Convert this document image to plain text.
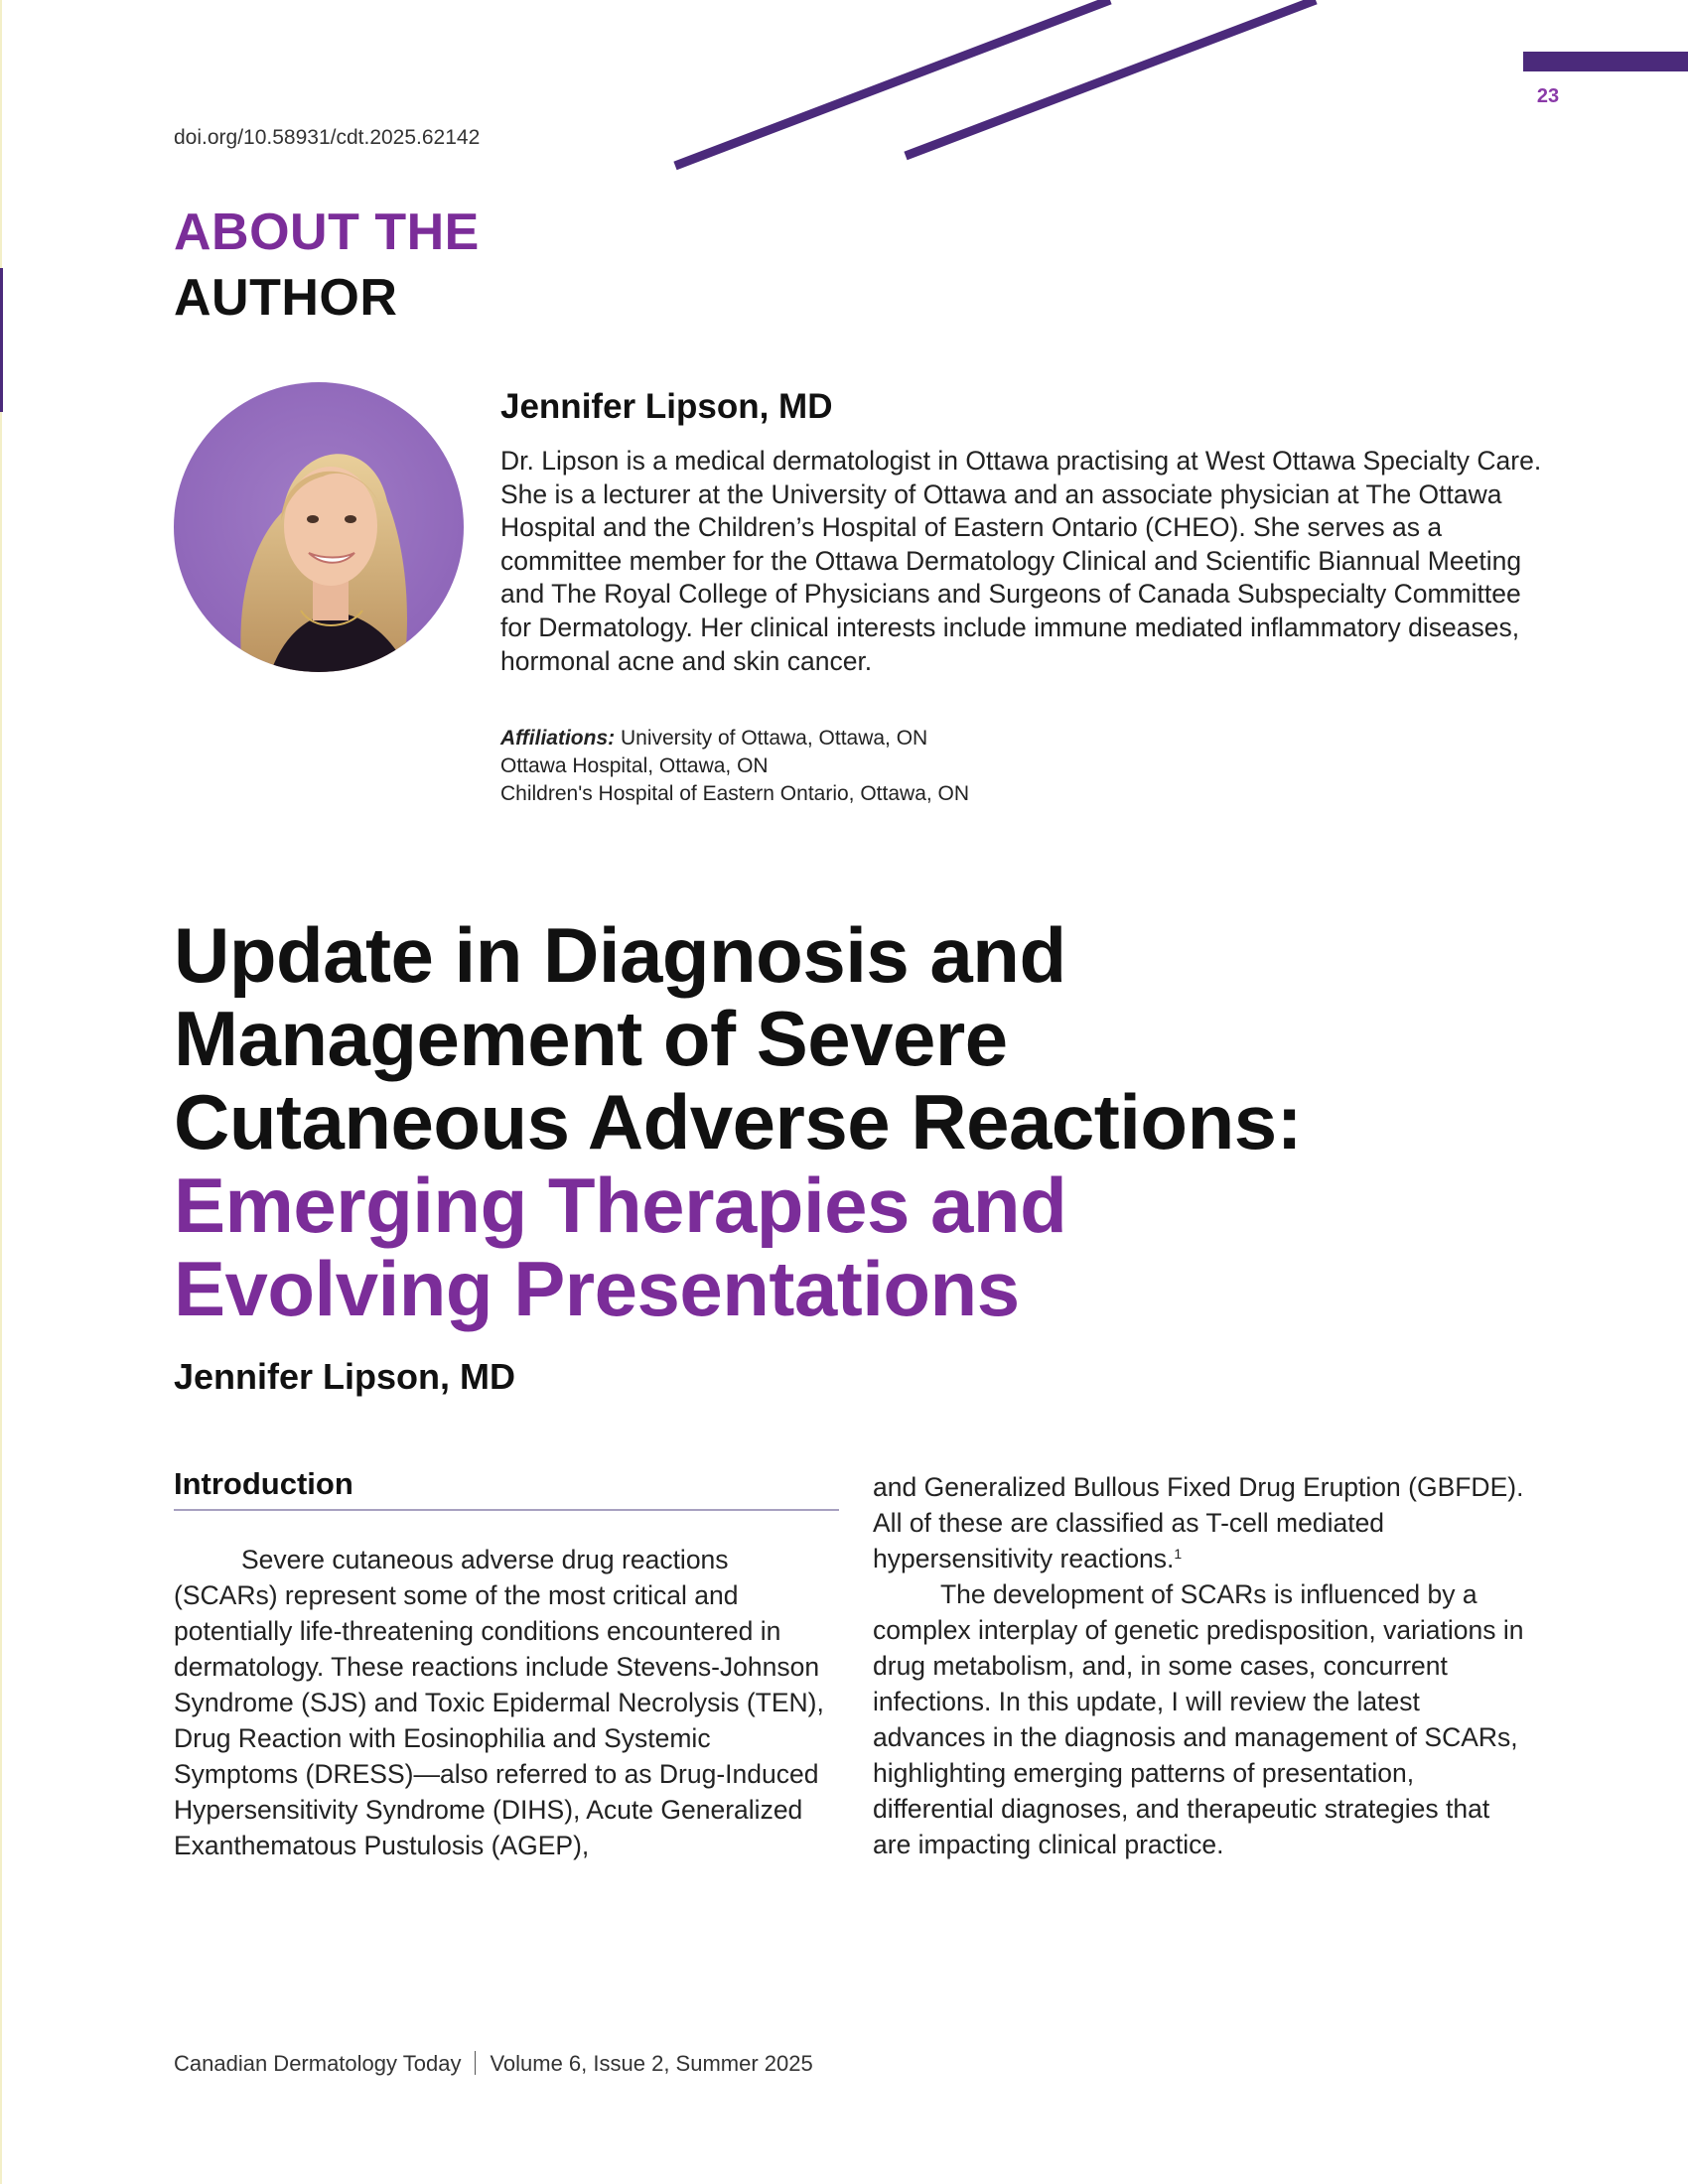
23
doi.org/10.58931/cdt.2025.62142
ABOUT THE
AUTHOR
Jennifer Lipson, MD
Dr. Lipson is a medical dermatologist in Ottawa practising at West Ottawa Specialty Care. She is a lecturer at the University of Ottawa and an associate physician at The Ottawa Hospital and the Children’s Hospital of Eastern Ontario (CHEO). She serves as a committee member for the Ottawa Dermatology Clinical and Scientific Biannual Meeting and The Royal College of Physicians and Surgeons of Canada Subspecialty Committee for Dermatology. Her clinical interests include immune mediated inflammatory diseases, hormonal acne and skin cancer.
Affiliations: University of Ottawa, Ottawa, ON
Ottawa Hospital, Ottawa, ON
Children's Hospital of Eastern Ontario, Ottawa, ON
Update in Diagnosis and
Management of Severe
Cutaneous Adverse Reactions:
Emerging Therapies and
Evolving Presentations
Jennifer Lipson, MD
Introduction
Severe cutaneous adverse drug reactions (SCARs) represent some of the most critical and potentially life-threatening conditions encountered in dermatology. These reactions include Stevens-Johnson Syndrome (SJS) and Toxic Epidermal Necrolysis (TEN), Drug Reaction with Eosinophilia and Systemic Symptoms (DRESS)—also referred to as Drug-Induced Hypersensitivity Syndrome (DIHS), Acute Generalized Exanthematous Pustulosis (AGEP),
and Generalized Bullous Fixed Drug Eruption (GBFDE). All of these are classified as T-cell mediated hypersensitivity reactions.$^1$
The development of SCARs is influenced by a complex interplay of genetic predisposition, variations in drug metabolism, and, in some cases, concurrent infections. In this update, I will review the latest advances in the diagnosis and management of SCARs, highlighting emerging patterns of presentation, differential diagnoses, and therapeutic strategies that are impacting clinical practice.
Canadian Dermatology Today Volume 6, Issue 2, Summer 2025
